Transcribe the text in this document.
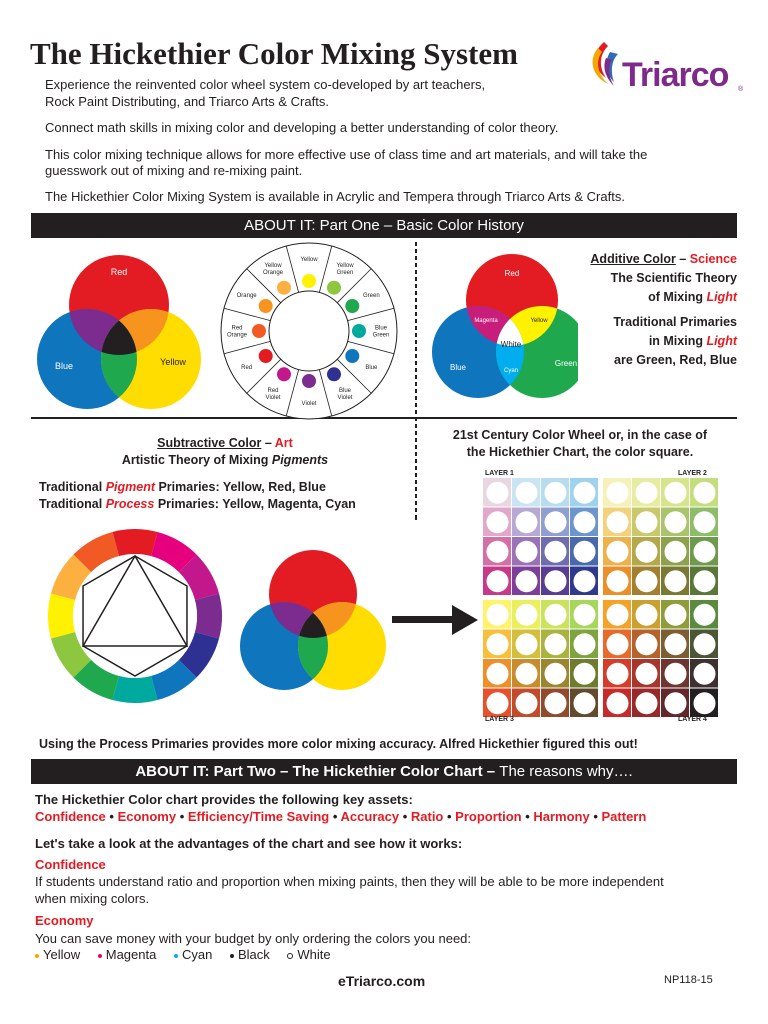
The Hickethier Color Mixing System
Triarco ®

Experience the reinvented color wheel system co-developed by art teachers,

Rock Paint Distributing, and Triarco Arts & Crafts.

Connect math skills in mixing color and developing a better understanding of color theory.

This color mixing technique allows for more effective use of class time and art materials, and will take the

guesswork out of mixing and re-mixing paint.

The Hickethier Color Mixing System is available in Acrylic and Tempera through Triarco Arts & Crafts.

ABOUT IT: Part One – Basic Color History
Red
Blue	Yellow
Yellow
Yellow
Green
Green
Blue
Green
Blue
Blue
Violet
Violet
Red
Violet
Red
Red
Orange
Orange
Yellow
Orange	Red
Blue	Green
Magenta	Yellow
Cyan
White
Additive Color – Science
The Scientific Theory
of Mixing Light
Traditional Primaries
in Mixing Light
are Green, Red, Blue
Subtractive Color – Art
Artistic Theory of Mixing Pigments
Traditional Pigment Primaries: Yellow, Red, Blue
Traditional Process Primaries: Yellow, Magenta, Cyan
21st Century Color Wheel or, in the case of
the Hickethier Chart, the color square.
LAYER 1	LAYER 2
LAYER 3	LAYER 4
Using the Process Primaries provides more color mixing accuracy. Alfred Hickethier figured this out!
ABOUT IT: Part Two – The Hickethier Color Chart – The reasons why….
The Hickethier Color chart provides the following key assets:
Confidence • Economy • Efficiency/Time Saving • Accuracy • Ratio • Proportion • Harmony • Pattern
Let's take a look at the advantages of the chart and see how it works:
Confidence
If students understand ratio and proportion when mixing paints, then they will be able to be more independent
when mixing colors.
Economy
You can save money with your budget by only ordering the colors you need:
Yellow Magenta Cyan Black White
eTriarco.com	NP118-15
